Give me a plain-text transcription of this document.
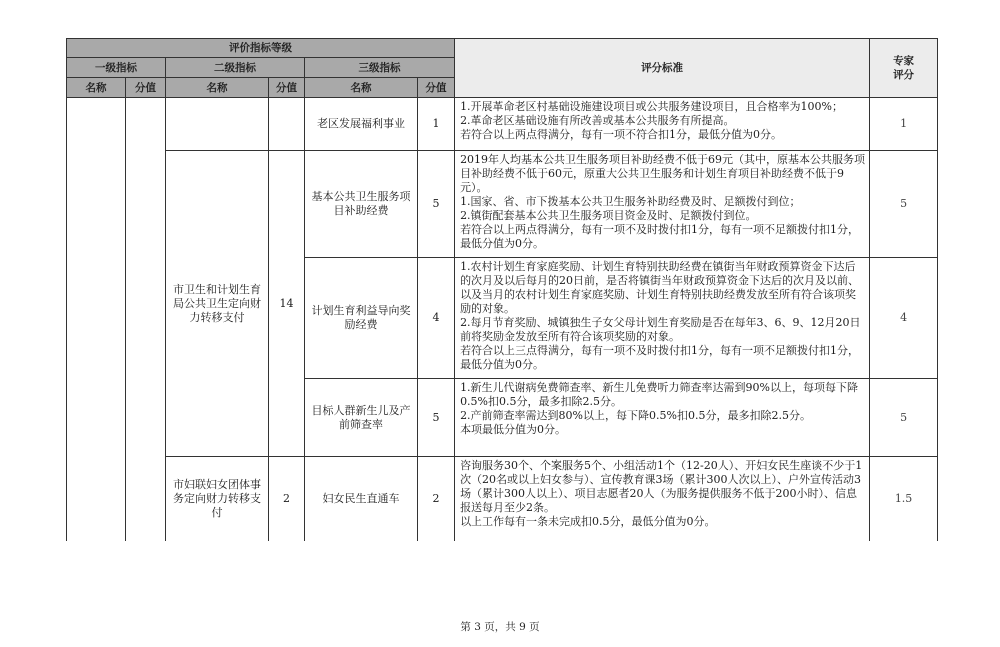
评价指标等级						评分标准	专家
评分
一级指标		二级指标		三级指标			
名称	分值	名称	分值	名称	分值		
				老区发展福利事业	1	1.开展革命老区村基础设施建设项目或公共服务建设项目，且合格率为100%；
2.革命老区基础设施有所改善或基本公共服务有所提高。
若符合以上两点得满分，每有一项不符合扣1分，最低分值为0分。	1
		市卫生和计划生育局公共卫生定向财力转移支付	14	基本公共卫生服务项目补助经费	5	2019年人均基本公共卫生服务项目补助经费不低于69元（其中，原基本公共服务项目补助经费不低于60元，原重大公共卫生服务和计划生育项目补助经费不低于9元）。
1.国家、省、市下拨基本公共卫生服务补助经费及时、足额拨付到位；
2.镇街配套基本公共卫生服务项目资金及时、足额拨付到位。
若符合以上两点得满分，每有一项不及时拨付扣1分，每有一项不足额拨付扣1分，最低分值为0分。	5
				计划生育利益导向奖励经费	4	1.农村计划生育家庭奖励、计划生育特别扶助经费在镇街当年财政预算资金下达后的次月及以后每月的20日前，是否将镇街当年财政预算资金下达后的次月及以前、以及当月的农村计划生育家庭奖励、计划生育特别扶助经费发放至所有符合该项奖励的对象。
2.每月节育奖励、城镇独生子女父母计划生育奖励是否在每年3、6、9、12月20日前将奖励金发放至所有符合该项奖励的对象。
若符合以上三点得满分，每有一项不及时拨付扣1分，每有一项不足额拨付扣1分，最低分值为0分。	4
				目标人群新生儿及产前筛查率	5	1.新生儿代谢病免费筛查率、新生儿免费听力筛查率达需到90%以上，每项每下降0.5%扣0.5分，最多扣除2.5分。
2.产前筛查率需达到80%以上，每下降0.5%扣0.5分，最多扣除2.5分。
本项最低分值为0分。	5
		市妇联妇女团体事务定向财力转移支付	2	妇女民生直通车	2	咨询服务30个、个案服务5个、小组活动1个（12-20人）、开妇女民生座谈不少于1次（20名或以上妇女参与）、宣传教育课3场（累计300人次以上）、户外宣传活动3场（累计300人以上）、项目志愿者20人（为服务提供服务不低于200小时）、信息报送每月至少2条。
以上工作每有一条未完成扣0.5分，最低分值为0分。	1.5
第 3 页，共 9 页
